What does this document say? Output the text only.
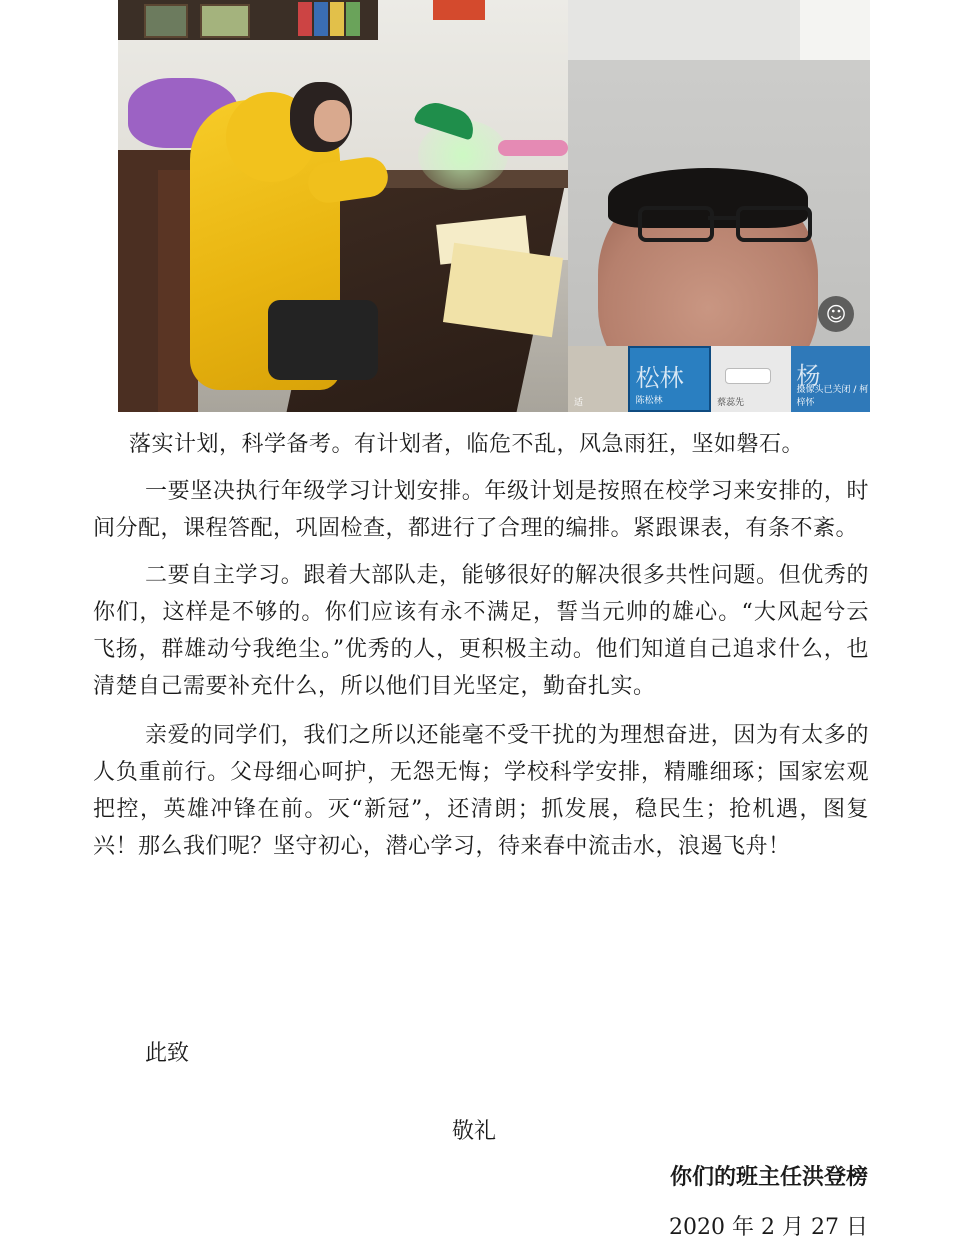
☺
适
松林
陈松林	蔡蕊先
杨
摄像头已关闭 / 柯梓怀

落实计划，科学备考。有计划者，临危不乱，风急雨狂，坚如磐石。

一要坚决执行年级学习计划安排。年级计划是按照在校学习来安排的，时间分配，课程答配，巩固检查，都进行了合理的编排。紧跟课表，有条不紊。

二要自主学习。跟着大部队走，能够很好的解决很多共性问题。但优秀的你们，这样是不够的。你们应该有永不满足，誓当元帅的雄心。“大风起兮云飞扬，群雄动兮我绝尘。”优秀的人，更积极主动。他们知道自己追求什么，也清楚自己需要补充什么，所以他们目光坚定，勤奋扎实。

亲爱的同学们，我们之所以还能毫不受干扰的为理想奋进，因为有太多的人负重前行。父母细心呵护，无怨无悔；学校科学安排，精雕细琢；国家宏观把控，英雄冲锋在前。灭“新冠”，还清朗；抓发展，稳民生；抢机遇，图复兴！那么我们呢？坚守初心，潜心学习，待来春中流击水，浪遏飞舟！

此致
敬礼
你们的班主任洪登榜
2020 年 2 月 27 日
